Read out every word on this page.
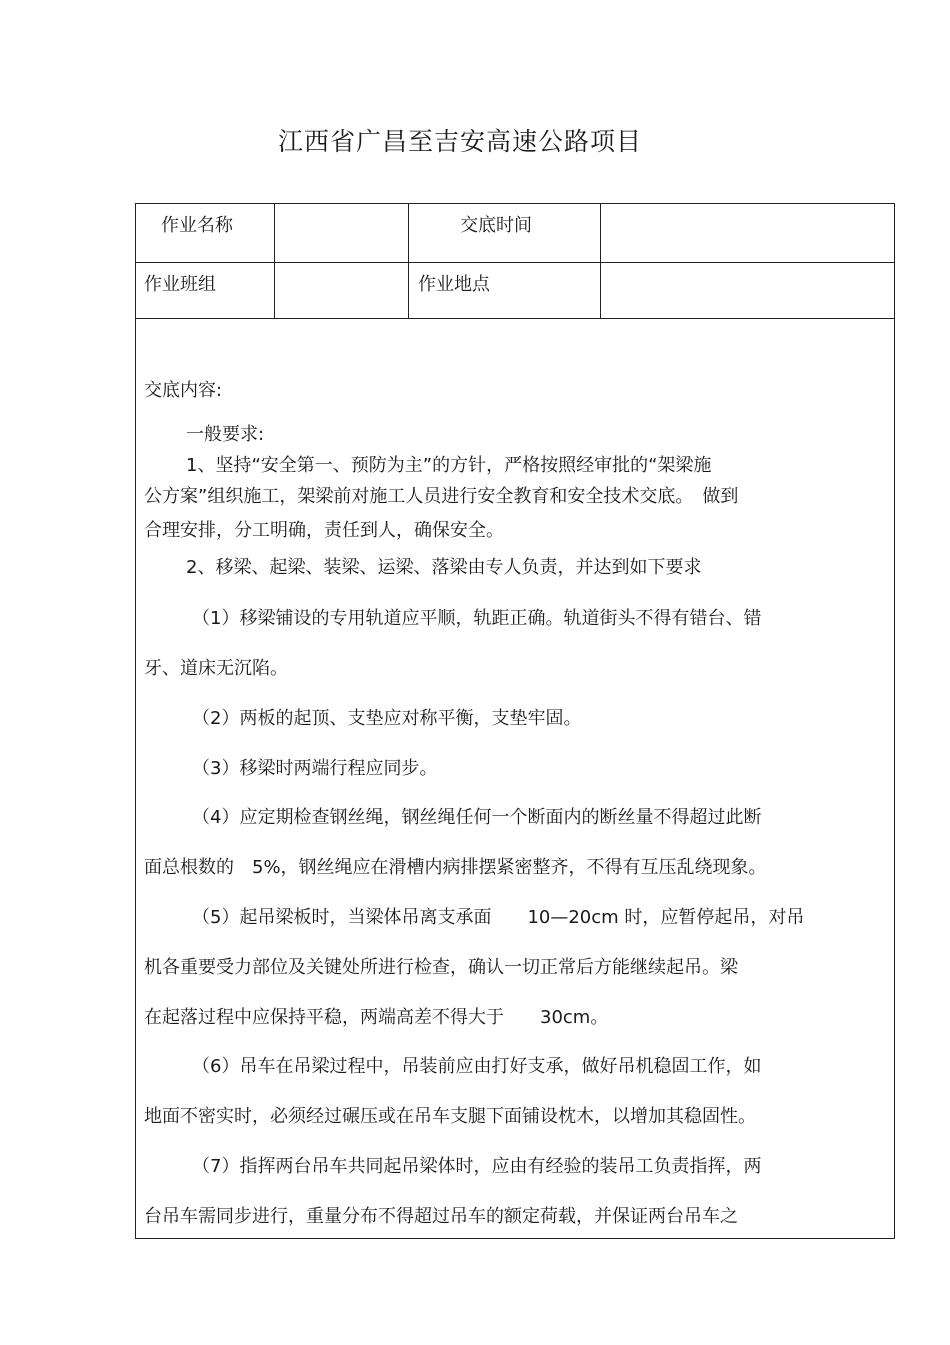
江西省广昌至吉安高速公路项目
作业名称	交底时间
作业班组	作业地点
交底内容:
一般要求:
1、坚持“安全第一、预防为主”的方针，严格按照经审批的“架梁施
公方案”组织施工，架梁前对施工人员进行安全教育和安全技术交底。　做到
合理安排，分工明确，责任到人，确保安全。
2、移梁、起梁、装梁、运梁、落梁由专人负责，并达到如下要求
（1）移梁铺设的专用轨道应平顺，轨距正确。轨道街头不得有错台、错
牙、道床无沉陷。
（2）两板的起顶、支垫应对称平衡，支垫牢固。
（3）移梁时两端行程应同步。
（4）应定期检查钢丝绳，钢丝绳任何一个断面内的断丝量不得超过此断
面总根数的　5%，钢丝绳应在滑槽内病排摆紧密整齐，不得有互压乱绕现象。
（5）起吊梁板时，当梁体吊离支承面　　10—20cm 时，应暂停起吊，对吊
机各重要受力部位及关键处所进行检查，确认一切正常后方能继续起吊。梁
在起落过程中应保持平稳，两端高差不得大于　　30cm。
（6）吊车在吊梁过程中，吊装前应由打好支承，做好吊机稳固工作，如
地面不密实时，必须经过碾压或在吊车支腿下面铺设枕木，以增加其稳固性。
（7）指挥两台吊车共同起吊梁体时，应由有经验的装吊工负责指挥，两
台吊车需同步进行，重量分布不得超过吊车的额定荷载，并保证两台吊车之
